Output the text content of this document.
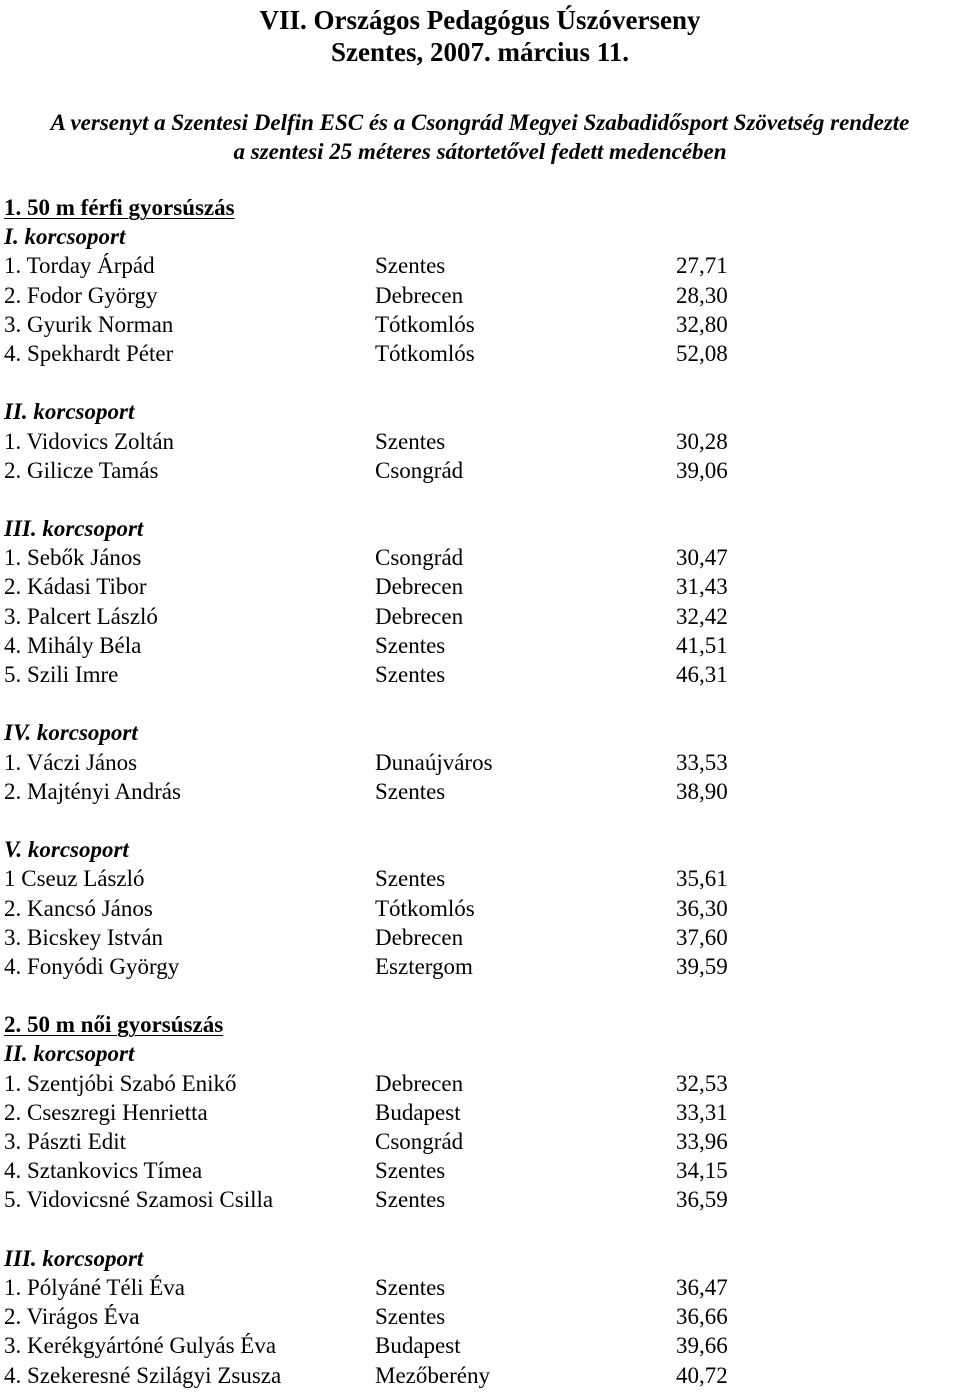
VII. Országos Pedagógus Úszóverseny
Szentes, 2007. március 11.

A versenyt a Szentesi Delfin ESC és a Csongrád Megyei Szabadidősport Szövetség rendezte

a szentesi 25 méteres sátortetővel fedett medencében

1. 50 m férfi gyorsúszás
I. korcsoport
1. Torday Árpád	Szentes	27,71
2. Fodor György	Debrecen	28,30
3. Gyurik Norman	Tótkomlós	32,80
4. Spekhardt Péter	Tótkomlós	52,08
II. korcsoport
1. Vidovics Zoltán	Szentes	30,28
2. Gilicze Tamás	Csongrád	39,06
III. korcsoport
1. Sebők János	Csongrád	30,47
2. Kádasi Tibor	Debrecen	31,43
3. Palcert László	Debrecen	32,42
4. Mihály Béla	Szentes	41,51
5. Szili Imre	Szentes	46,31
IV. korcsoport
1. Váczi János	Dunaújváros	33,53
2. Majtényi András	Szentes	38,90
V. korcsoport
1 Cseuz László	Szentes	35,61
2. Kancsó János	Tótkomlós	36,30
3. Bicskey István	Debrecen	37,60
4. Fonyódi György	Esztergom	39,59
2. 50 m női gyorsúszás
II. korcsoport
1. Szentjóbi Szabó Enikő	Debrecen	32,53
2. Cseszregi Henrietta	Budapest	33,31
3. Pászti Edit	Csongrád	33,96
4. Sztankovics Tímea	Szentes	34,15
5. Vidovicsné Szamosi Csilla	Szentes	36,59
III. korcsoport
1. Pólyáné Téli Éva	Szentes	36,47
2. Virágos Éva	Szentes	36,66
3. Kerékgyártóné Gulyás Éva	Budapest	39,66
4. Szekeresné Szilágyi Zsusza	Mezőberény	40,72
